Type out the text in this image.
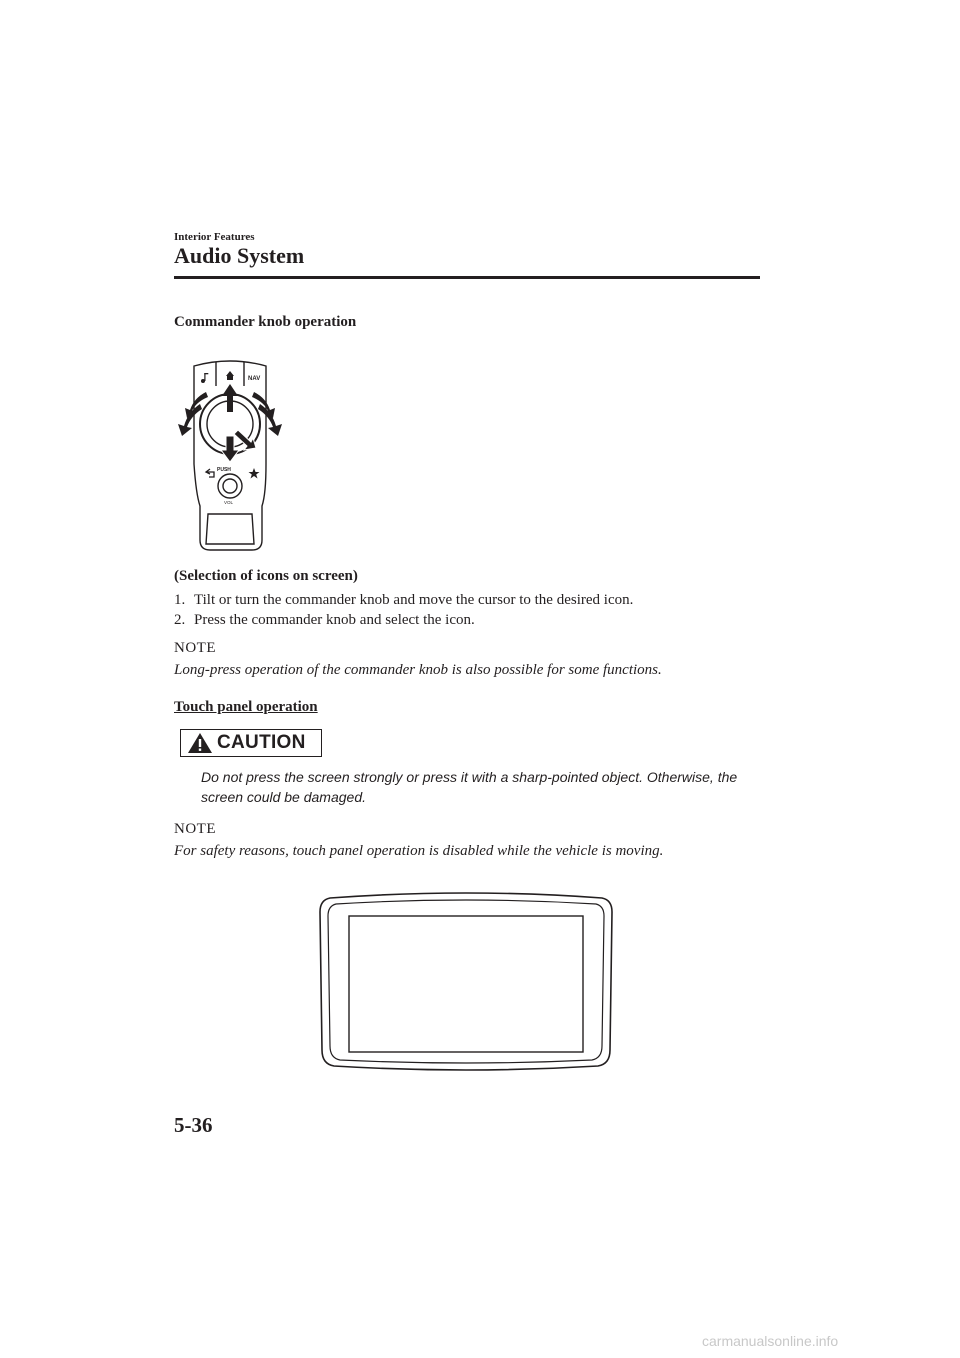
Interior Features
Audio System
Commander knob operation
NAV
PUSH
VOL
(Selection of icons on screen)
1. Tilt or turn the commander knob and move the cursor to the desired icon.
2. Press the commander knob and select the icon.
NOTE
Long-press operation of the commander knob is also possible for some functions.
Touch panel operation
CAUTION
Do not press the screen strongly or press it with a sharp-pointed object. Otherwise, the screen could be damaged.
NOTE
For safety reasons, touch panel operation is disabled while the vehicle is moving.
5-36
carmanualsonline.info
